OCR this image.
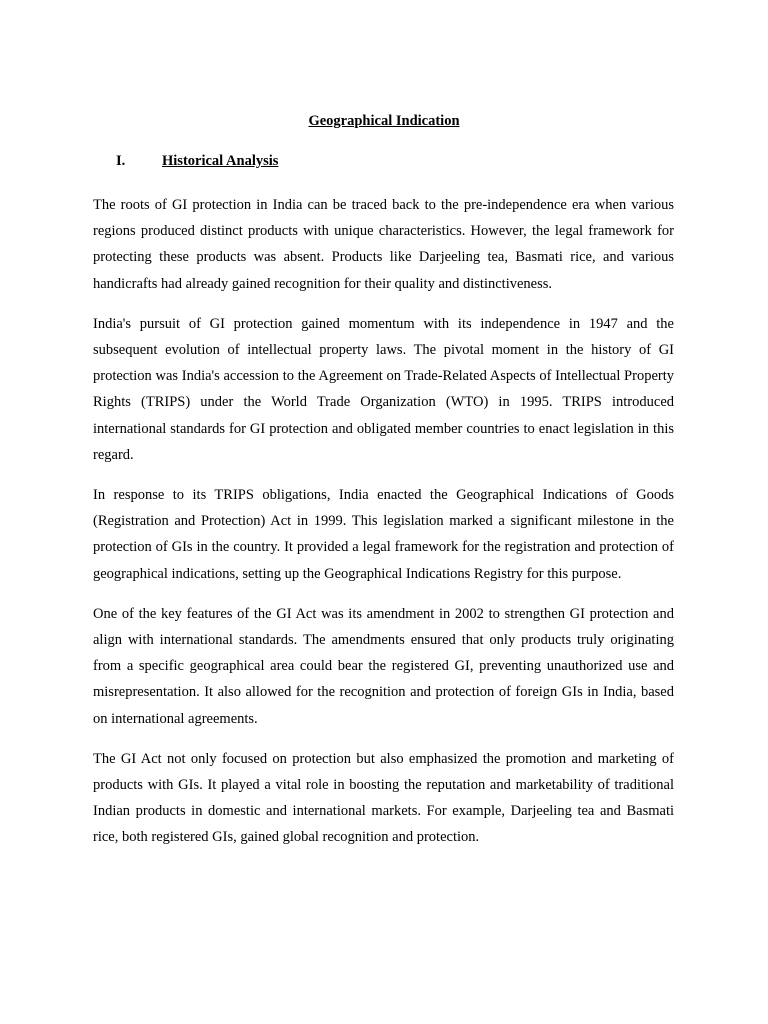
Geographical Indication
I.	Historical Analysis

The roots of GI protection in India can be traced back to the pre-independence era when various regions produced distinct products with unique characteristics. However, the legal framework for protecting these products was absent. Products like Darjeeling tea, Basmati rice, and various handicrafts had already gained recognition for their quality and distinctiveness.

India's pursuit of GI protection gained momentum with its independence in 1947 and the subsequent evolution of intellectual property laws. The pivotal moment in the history of GI protection was India's accession to the Agreement on Trade-Related Aspects of Intellectual Property Rights (TRIPS) under the World Trade Organization (WTO) in 1995. TRIPS introduced international standards for GI protection and obligated member countries to enact legislation in this regard.

In response to its TRIPS obligations, India enacted the Geographical Indications of Goods (Registration and Protection) Act in 1999. This legislation marked a significant milestone in the protection of GIs in the country. It provided a legal framework for the registration and protection of geographical indications, setting up the Geographical Indications Registry for this purpose.

One of the key features of the GI Act was its amendment in 2002 to strengthen GI protection and align with international standards. The amendments ensured that only products truly originating from a specific geographical area could bear the registered GI, preventing unauthorized use and misrepresentation. It also allowed for the recognition and protection of foreign GIs in India, based on international agreements.

The GI Act not only focused on protection but also emphasized the promotion and marketing of products with GIs. It played a vital role in boosting the reputation and marketability of traditional Indian products in domestic and international markets. For example, Darjeeling tea and Basmati rice, both registered GIs, gained global recognition and protection.
